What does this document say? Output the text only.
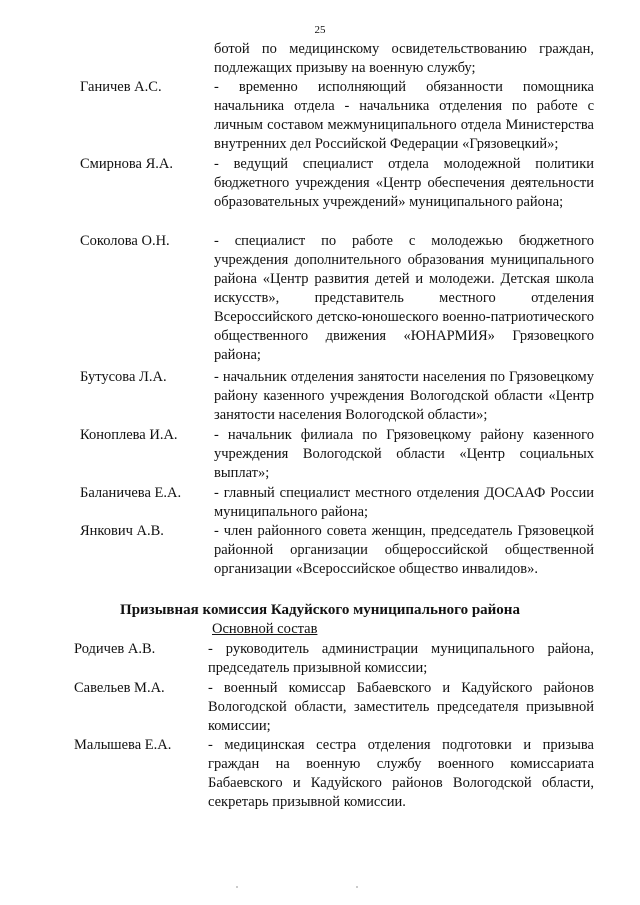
25
ботой по медицинскому освидетельствованию граждан, подлежащих призыву на военную службу;
Ганичев А.С.	- временно исполняющий обязанности помощника начальника отдела - начальника отделения по работе с личным составом межмуниципального отдела Министерства внутренних дел Российской Федерации «Грязовецкий»;
Смирнова Я.А.	- ведущий специалист отдела молодежной политики бюджетного учреждения «Центр обеспечения деятельности образовательных учреждений» муниципального района;
Соколова О.Н.	- специалист по работе с молодежью бюджетного учреждения дополнительного образования муниципального района «Центр развития детей и молодежи. Детская школа искусств», представитель местного отделения Всероссийского детско-юношеского военно-патриотического общественного движения «ЮНАРМИЯ» Грязовецкого района;
Бутусова Л.А.	- начальник отделения занятости населения по Грязовецкому району казенного учреждения Вологодской области «Центр занятости населения Вологодской области»;
Коноплева И.А.	- начальник филиала по Грязовецкому району казенного учреждения Вологодской области «Центр социальных выплат»;
Баланичева Е.А.	- главный специалист местного отделения ДОСААФ России муниципального района;
Янкович А.В.	- член районного совета женщин, председатель Грязовецкой районной организации общероссийской общественной организации «Всероссийское общество инвалидов».
Призывная комиссия Кадуйского муниципального района
Основной состав
Родичев А.В.	- руководитель администрации муниципального района, председатель призывной комиссии;
Савельев М.А.	- военный комиссар Бабаевского и Кадуйского районов Вологодской области, заместитель председателя призывной комиссии;
Малышева Е.А.	- медицинская сестра отделения подготовки и призыва граждан на военную службу военного комиссариата Бабаевского и Кадуйского районов Вологодской области, секретарь призывной комиссии.
